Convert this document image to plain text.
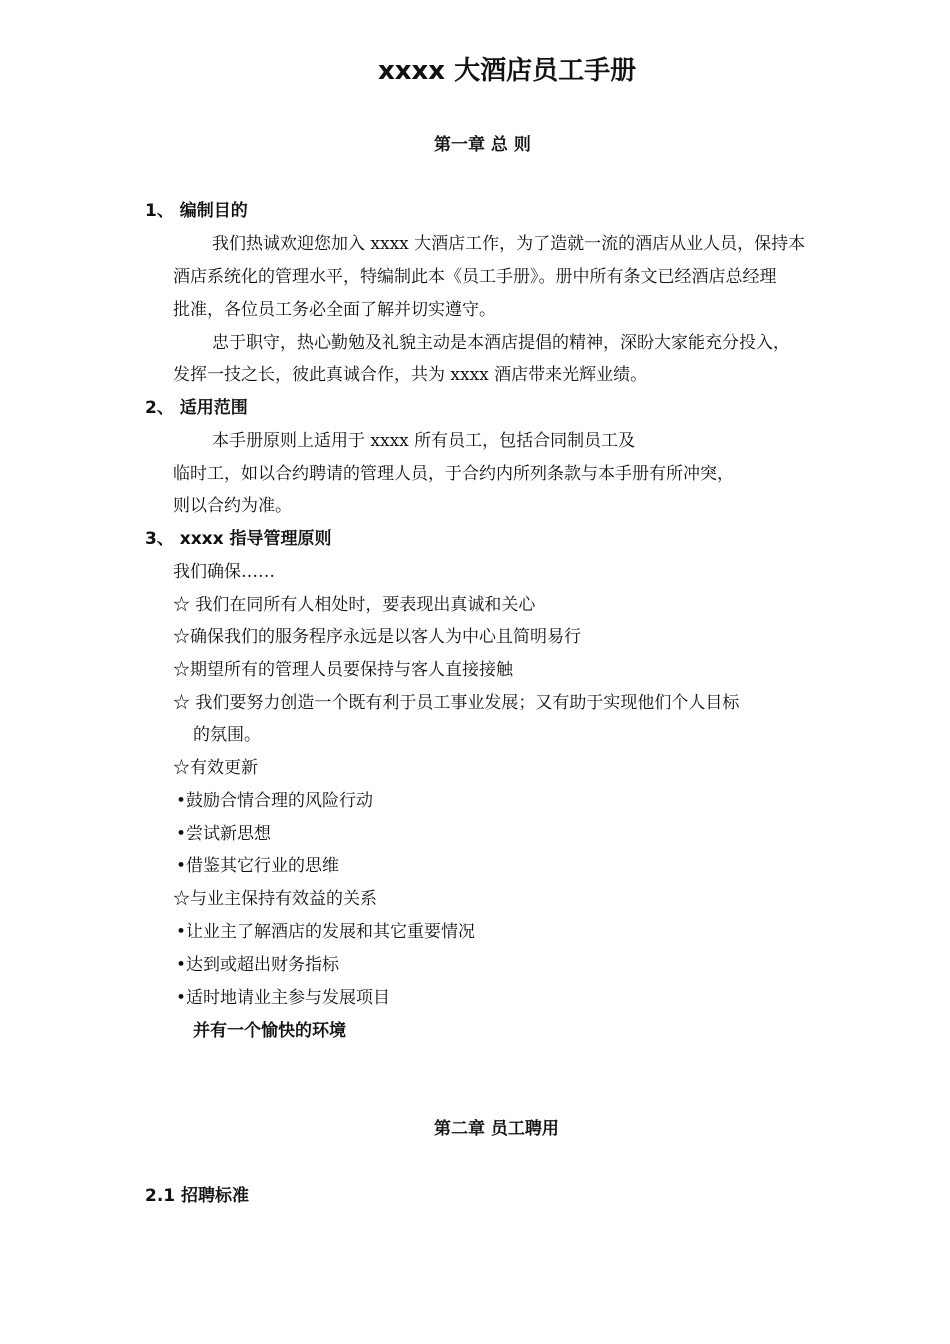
xxxx 大酒店员工手册
第一章 总 则
1、 编制目的
我们热诚欢迎您加入 xxxx 大酒店工作，为了造就一流的酒店从业人员，保持本
酒店系统化的管理水平，特编制此本《员工手册》。册中所有条文已经酒店总经理
批准，各位员工务必全面了解并切实遵守。
忠于职守，热心勤勉及礼貌主动是本酒店提倡的精神，深盼大家能充分投入，
发挥一技之长，彼此真诚合作，共为 xxxx 酒店带来光辉业绩。
2、 适用范围
本手册原则上适用于 xxxx 所有员工，包括合同制员工及
临时工，如以合约聘请的管理人员，于合约内所列条款与本手册有所冲突，
则以合约为准。
3、 xxxx 指导管理原则
我们确保……
☆ 我们在同所有人相处时，要表现出真诚和关心
☆确保我们的服务程序永远是以客人为中心且简明易行
☆期望所有的管理人员要保持与客人直接接触
☆ 我们要努力创造一个既有利于员工事业发展；又有助于实现他们个人目标
的氛围。
☆有效更新
•鼓励合情合理的风险行动
•尝试新思想
•借鉴其它行业的思维
☆与业主保持有效益的关系
•让业主了解酒店的发展和其它重要情况
•达到或超出财务指标
•适时地请业主参与发展项目
并有一个愉快的环境
第二章 员工聘用
2.1 招聘标准
